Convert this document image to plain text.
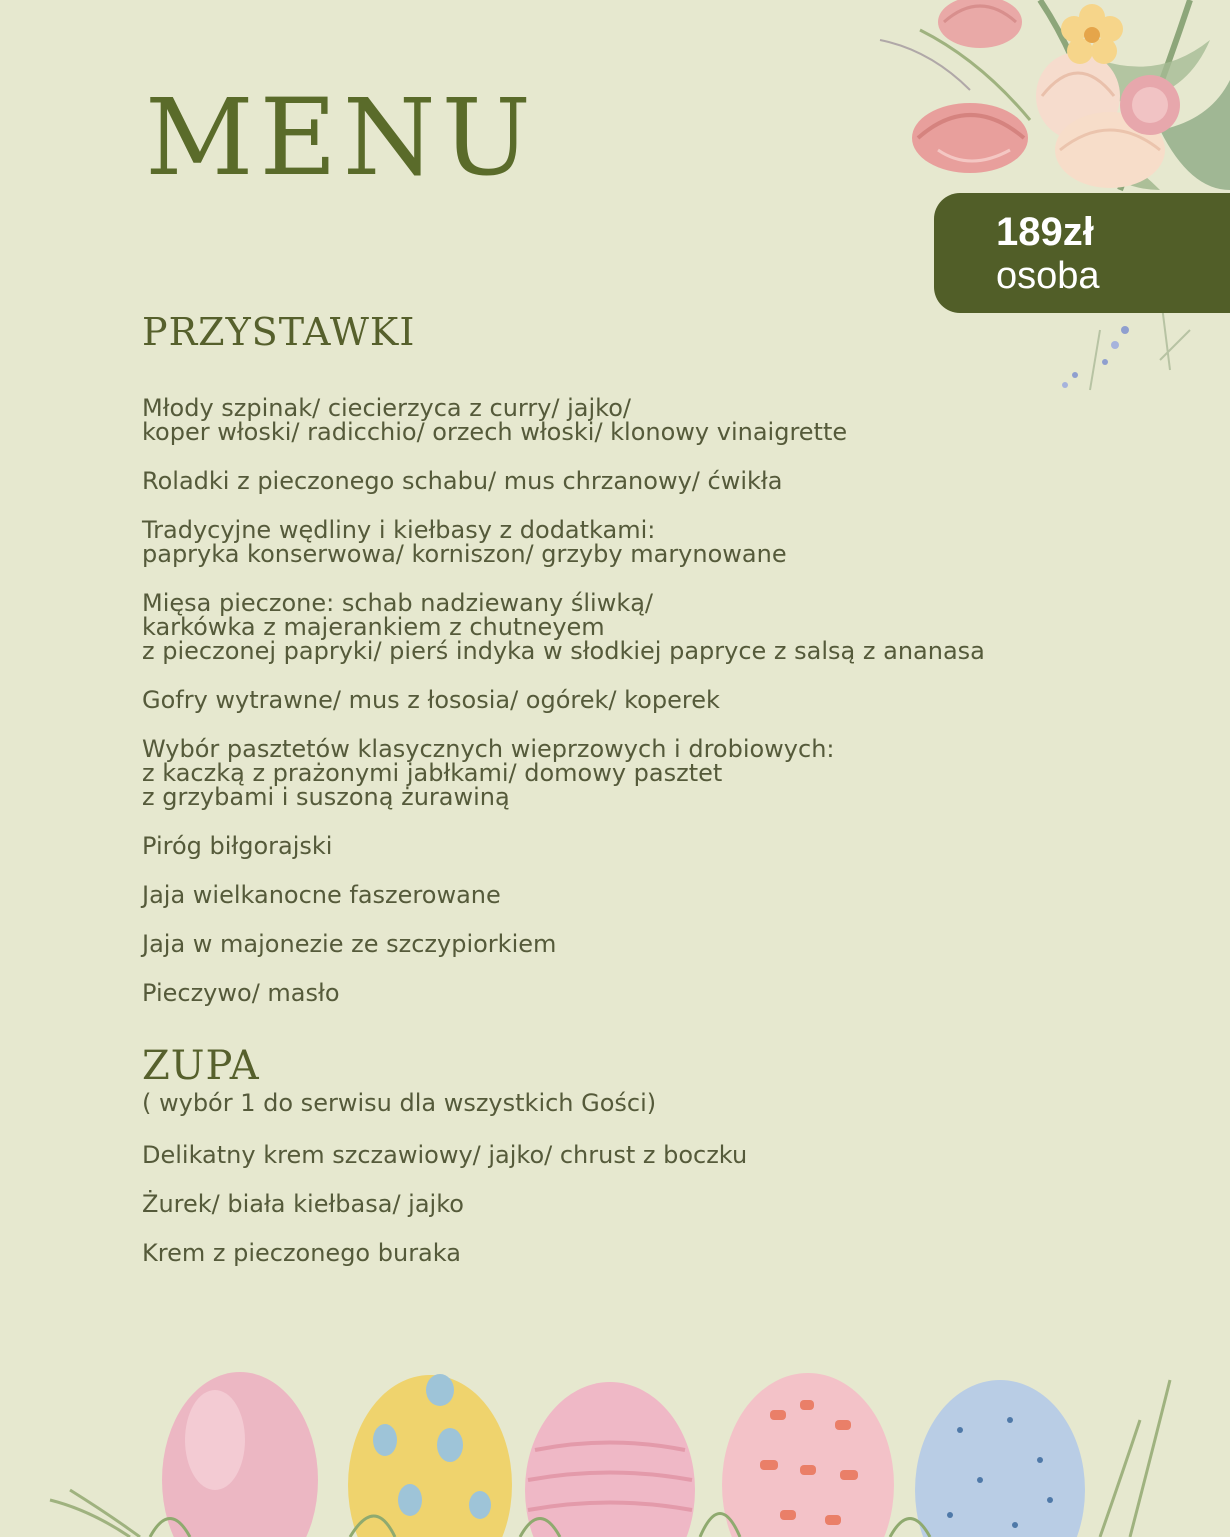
MENU
189zł
osoba
PRZYSTAWKI
Młody szpinak/ ciecierzyca z curry/ jajko/
koper włoski/ radicchio/ orzech włoski/ klonowy vinaigrette
Roladki z pieczonego schabu/ mus chrzanowy/ ćwikła
Tradycyjne wędliny i kiełbasy z dodatkami:
papryka konserwowa/ korniszon/ grzyby marynowane
Mięsa pieczone: schab nadziewany śliwką/
karkówka z majerankiem z chutneyem
z pieczonej papryki/ pierś indyka w słodkiej papryce z salsą z ananasa
Gofry wytrawne/ mus z łososia/ ogórek/ koperek
Wybór pasztetów klasycznych wieprzowych i drobiowych:
z kaczką z prażonymi jabłkami/ domowy pasztet
z grzybami i suszoną żurawiną
Piróg biłgorajski
Jaja wielkanocne faszerowane
Jaja w majonezie ze szczypiorkiem
Pieczywo/ masło
ZUPA
( wybór 1 do serwisu dla wszystkich Gości)
Delikatny krem szczawiowy/ jajko/ chrust z boczku
Żurek/ biała kiełbasa/ jajko
Krem z pieczonego buraka
